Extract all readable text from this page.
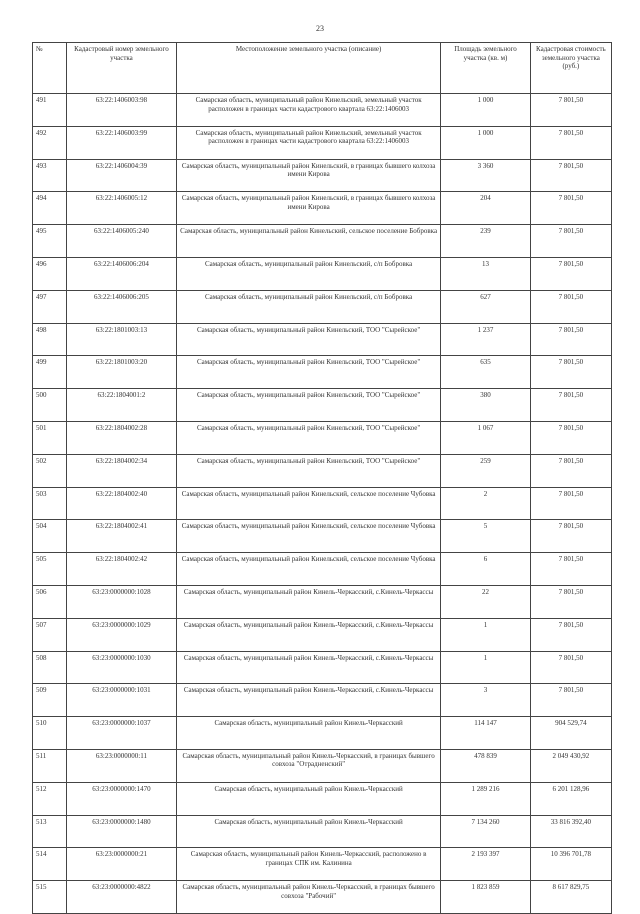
23
№	Кадастровый номер земельного участка	Местоположение земельного участка (описание)	Площадь земельного участка (кв. м)	Кадастровая стоимость земельного участка (руб.)
491	63:22:1406003:98	Самарская область, муниципальный район Кинельский, земельный участок расположен в границах части кадастрового квартала 63:22:1406003	1 000	7 801,50
492	63:22:1406003:99	Самарская область, муниципальный район Кинельский, земельный участок расположен в границах части кадастрового квартала 63:22:1406003	1 000	7 801,50
493	63:22:1406004:39	Самарская область, муниципальный район Кинельский, в границах бывшего колхоза имени Кирова	3 360	7 801,50
494	63:22:1406005:12	Самарская область, муниципальный район Кинельский, в границах бывшего колхоза имени Кирова	204	7 801,50
495	63:22:1406005:240	Самарская область, муниципальный район Кинельский, сельское поселение Бобровка	239	7 801,50
496	63:22:1406006:204	Самарская область, муниципальный район Кинельский, с/п Бобровка	13	7 801,50
497	63:22:1406006:205	Самарская область, муниципальный район Кинельский, с/п Бобровка	627	7 801,50
498	63:22:1801003:13	Самарская область, муниципальный район Кинельский, ТОО "Сырейское"	1 237	7 801,50
499	63:22:1801003:20	Самарская область, муниципальный район Кинельский, ТОО "Сырейское"	635	7 801,50
500	63:22:1804001:2	Самарская область, муниципальный район Кинельский, ТОО "Сырейское"	380	7 801,50
501	63:22:1804002:28	Самарская область, муниципальный район Кинельский, ТОО "Сырейское"	1 067	7 801,50
502	63:22:1804002:34	Самарская область, муниципальный район Кинельский, ТОО "Сырейское"	259	7 801,50
503	63:22:1804002:40	Самарская область, муниципальный район Кинельский, сельское поселение Чубовка	2	7 801,50
504	63:22:1804002:41	Самарская область, муниципальный район Кинельский, сельское поселение Чубовка	5	7 801,50
505	63:22:1804002:42	Самарская область, муниципальный район Кинельский, сельское поселение Чубовка	6	7 801,50
506	63:23:0000000:1028	Самарская область, муниципальный район Кинель-Черкасский, с.Кинель-Черкассы	22	7 801,50
507	63:23:0000000:1029	Самарская область, муниципальный район Кинель-Черкасский, с.Кинель-Черкассы	1	7 801,50
508	63:23:0000000:1030	Самарская область, муниципальный район Кинель-Черкасский, с.Кинель-Черкассы	1	7 801,50
509	63:23:0000000:1031	Самарская область, муниципальный район Кинель-Черкасский, с.Кинель-Черкассы	3	7 801,50
510	63:23:0000000:1037	Самарская область, муниципальный район Кинель-Черкасский	114 147	904 529,74
511	63:23:0000000:11	Самарская область, муниципальный район Кинель-Черкасский, в границах бывшего совхоза "Отрадненский"	478 839	2 049 430,92
512	63:23:0000000:1470	Самарская область, муниципальный район Кинель-Черкасский	1 289 216	6 201 128,96
513	63:23:0000000:1480	Самарская область, муниципальный район Кинель-Черкасский	7 134 260	33 816 392,40
514	63:23:0000000:21	Самарская область, муниципальный район Кинель-Черкасский, расположено в границах СПК им. Калинина	2 193 397	10 396 701,78
515	63:23:0000000:4822	Самарская область, муниципальный район Кинель-Черкасский, в границах бывшего совхоза "Рабочий"	1 823 859	8 617 829,75
